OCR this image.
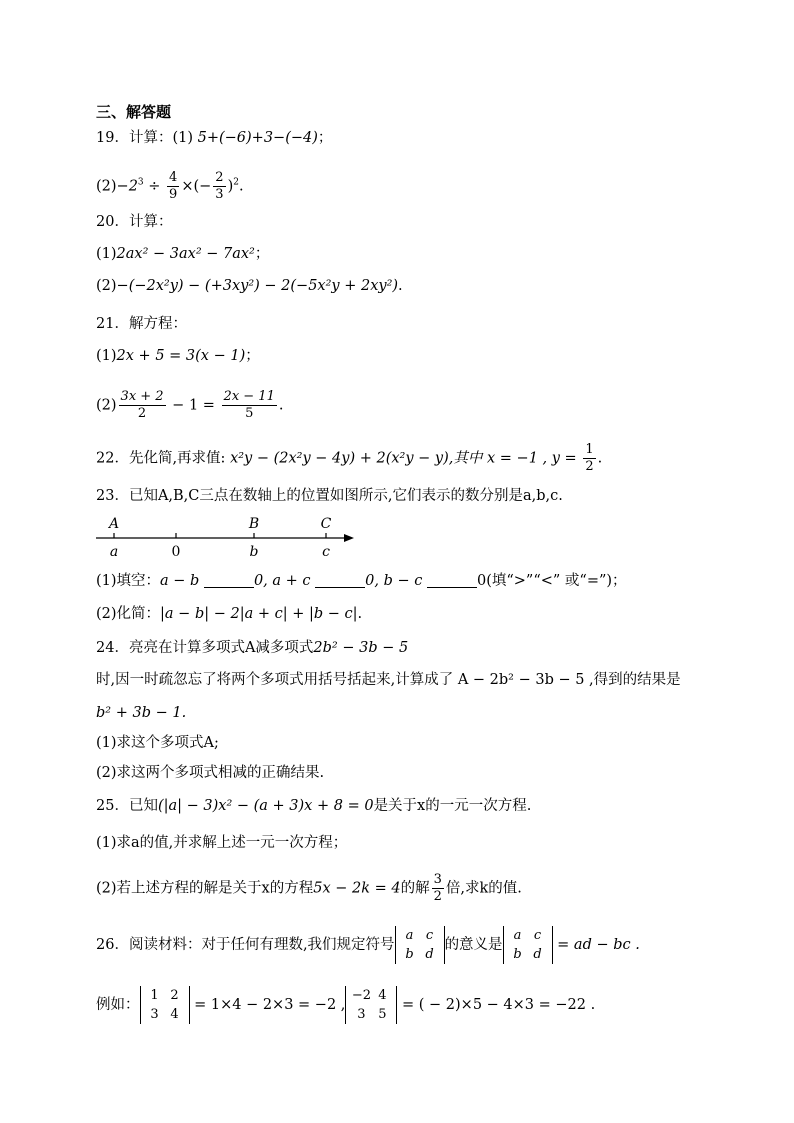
三、解答题
19．计算：(1) 5+(−6)+3−(−4)；
$(2)-2^3 \div \frac{4}{9}$ ×(− $\frac{2}{3} )^2$.
20．计算：
(1)2ax² − 3ax² − 7ax²；
(2)−(−2x²y) − (+3xy²) − 2(−5x²y + 2xy²).
21．解方程：
(1)2x + 5 = 3(x − 1)；
$(2) \frac{3x + 2}{2} - 1 = \frac{2x - 11}{5}$ .
22．先化简,再求值: x²y − (2x²y − 4y) + 2(x²y − y),其中 x = −1 , $y = \frac{1}{2}$ .
23．已知A,B,C三点在数轴上的位置如图所示,它们表示的数分别是a,b,c.
A
a	0
B
b
C
c
(1)填空：a − b	0, a + c	0, b − c	0(填“>”“<” 或“=”)；
(2)化简：|a − b| − 2|a + c| + |b − c|.
24．亮亮在计算多项式A减多项式2b² − 3b − 5
时,因一时疏忽忘了将两个多项式用括号括起来,计算成了 A − 2b² − 3b − 5 ,得到的结果是
b² + 3b − 1.
(1)求这个多项式A;
(2)求这两个多项式相减的正确结果.
25．已知(|a| − 3)x² − (a + 3)x + 8 = 0是关于x的一元一次方程.
(1)求a的值,并求解上述一元一次方程；
(2)若上述方程的解是关于x的方程5x − 2k = 4的解 $\frac{3}{2}$ 倍,求k的值.
26．阅读材料：对于任何有理数,我们规定符号
a c
b d
的意义是
a c
b d
= ad − bc .
例如：
1 2
3 4
= 1×4 − 2×3 = −2 ,
−2 4
3 5
= ( − 2)×5 − 4×3 = −22 .
